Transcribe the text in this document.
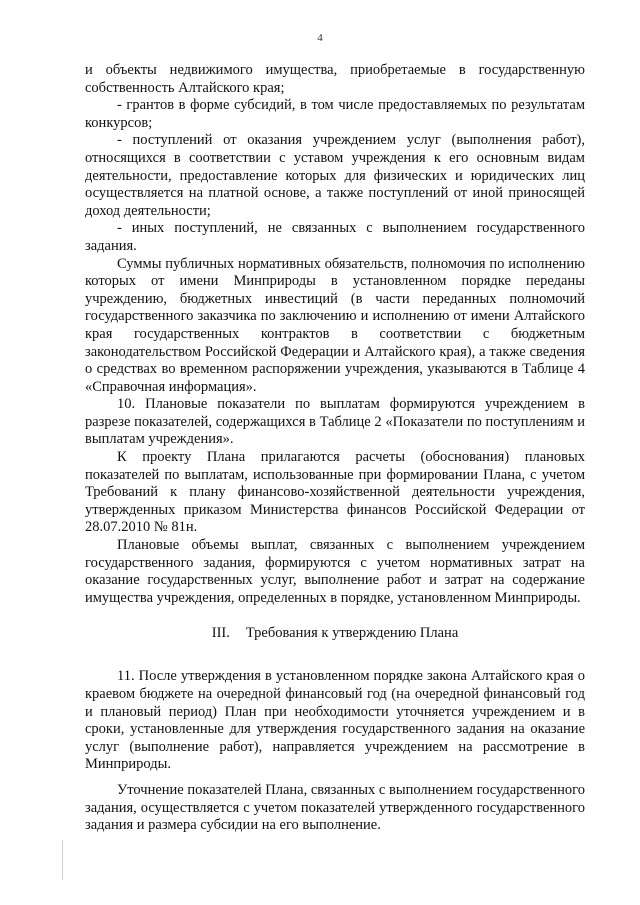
4

и объекты недвижимого имущества, приобретаемые в государственную собственность Алтайского края;

- грантов в форме субсидий, в том числе предоставляемых по результатам конкурсов;

- поступлений от оказания учреждением услуг (выполнения работ), относящихся в соответствии с уставом учреждения к его основным видам деятельности, предоставление которых для физических и юридических лиц осуществляется на платной основе, а также поступлений от иной приносящей доход деятельности;

- иных поступлений, не связанных с выполнением государственного задания.

Суммы публичных нормативных обязательств, полномочия по исполнению которых от имени Минприроды в установленном порядке переданы учреждению, бюджетных инвестиций (в части переданных полномочий государственного заказчика по заключению и исполнению от имени Алтайского края государственных контрактов в соответствии с бюджетным законодательством Российской Федерации и Алтайского края), а также сведения о средствах во временном распоряжении учреждения, указываются в Таблице 4 «Справочная информация».

10. Плановые показатели по выплатам формируются учреждением в разрезе показателей, содержащихся в Таблице 2 «Показатели по поступлениям и выплатам учреждения».

К проекту Плана прилагаются расчеты (обоснования) плановых показателей по выплатам, использованные при формировании Плана, с учетом Требований к плану финансово-хозяйственной деятельности учреждения, утвержденных приказом Министерства финансов Российской Федерации от 28.07.2010 № 81н.

Плановые объемы выплат, связанных с выполнением учреждением государственного задания, формируются с учетом нормативных затрат на оказание государственных услуг, выполнение работ и затрат на содержание имущества учреждения, определенных в порядке, установленном Минприроды.

III. Требования к утверждению Плана

11. После утверждения в установленном порядке закона Алтайского края о краевом бюджете на очередной финансовый год (на очередной финансовый год и плановый период) План при необходимости уточняется учреждением и в сроки, установленные для утверждения государственного задания на оказание услуг (выполнение работ), направляется учреждением на рассмотрение в Минприроды.

Уточнение показателей Плана, связанных с выполнением государственного задания, осуществляется с учетом показателей утвержденного государственного задания и размера субсидии на его выполнение.
